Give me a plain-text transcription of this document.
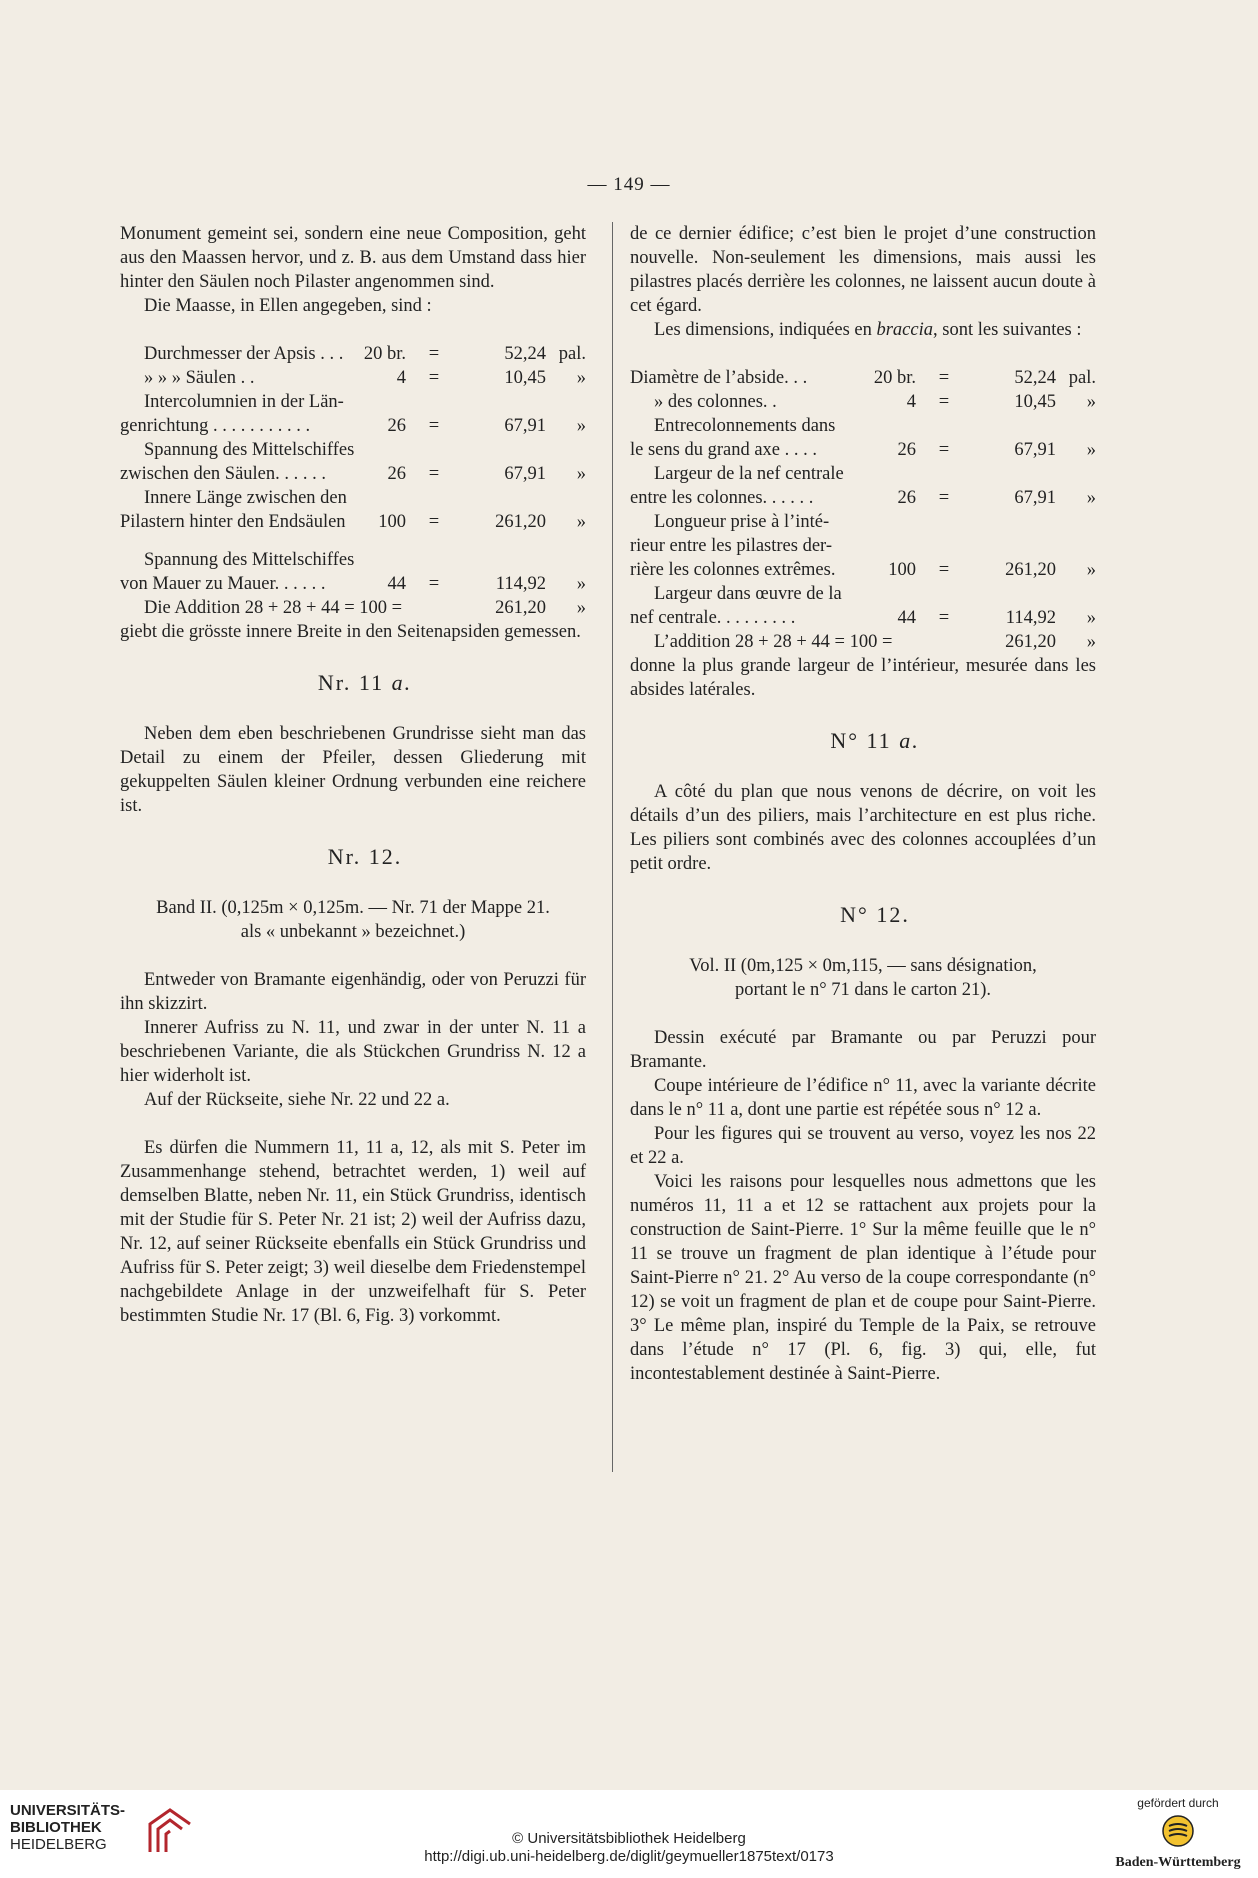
— 149 —

Monument gemeint sei, sondern eine neue Composition, geht aus den Maassen hervor, und z. B. aus dem Umstand dass hier hinter den Säulen noch Pilaster angenommen sind.

Die Maasse, in Ellen angegeben, sind :

Durchmesser der Apsis . . .	20 br.	=	52,24	pal.
» » » Säulen . .	4	=	10,45	»
Intercolumnien in der Län-				
genrichtung . . . . . . . . . . .	26	=	67,91	»
Spannung des Mittelschiffes				
zwischen den Säulen. . . . . .	26	=	67,91	»
Innere Länge zwischen den				
Pilastern hinter den Endsäulen	100	=	261,20	»

Spannung des Mittelschiffes				
von Mauer zu Mauer. . . . . .	44	=	114,92	»
Die Addition 28 + 28 + 44 = 100 =			261,20	»

giebt die grösste innere Breite in den Seitenapsiden gemessen.

Nr. 11 a.

Neben dem eben beschriebenen Grundrisse sieht man das Detail zu einem der Pfeiler, dessen Gliederung mit gekuppelten Säulen kleiner Ordnung verbunden eine reichere ist.

Nr. 12.

Band II. (0,125m × 0,125m. — Nr. 71 der Mappe 21.

als « unbekannt » bezeichnet.)

Entweder von Bramante eigenhändig, oder von Peruzzi für ihn skizzirt.

Innerer Aufriss zu N. 11, und zwar in der unter N. 11 a beschriebenen Variante, die als Stückchen Grundriss N. 12 a hier widerholt ist.

Auf der Rückseite, siehe Nr. 22 und 22 a.

Es dürfen die Nummern 11, 11 a, 12, als mit S. Peter im Zusammenhange stehend, betrachtet werden, 1) weil auf demselben Blatte, neben Nr. 11, ein Stück Grundriss, identisch mit der Studie für S. Peter Nr. 21 ist; 2) weil der Aufriss dazu, Nr. 12, auf seiner Rückseite ebenfalls ein Stück Grundriss und Aufriss für S. Peter zeigt; 3) weil dieselbe dem Friedenstempel nachgebildete Anlage in der unzweifelhaft für S. Peter bestimmten Studie Nr. 17 (Bl. 6, Fig. 3) vorkommt.

de ce dernier édifice; c’est bien le projet d’une construction nouvelle. Non-seulement les dimensions, mais aussi les pilastres placés derrière les colonnes, ne laissent aucun doute à cet égard.

Les dimensions, indiquées en braccia, sont les suivantes :

Diamètre de l’abside. . .	20 br.	=	52,24	pal.
» des colonnes. .	4	=	10,45	»
Entrecolonnements dans				
le sens du grand axe . . . .	26	=	67,91	»
Largeur de la nef centrale				
entre les colonnes. . . . . .	26	=	67,91	»
Longueur prise à l’inté-				
rieur entre les pilastres der-				
rière les colonnes extrêmes.	100	=	261,20	»
Largeur dans œuvre de la				
nef centrale. . . . . . . . .	44	=	114,92	»
L’addition 28 + 28 + 44 = 100 =			261,20	»

donne la plus grande largeur de l’intérieur, mesurée dans les absides latérales.

N° 11 a.

A côté du plan que nous venons de décrire, on voit les détails d’un des piliers, mais l’architecture en est plus riche. Les piliers sont combinés avec des colonnes accouplées d’un petit ordre.

N° 12.

Vol. II (0m,125 × 0m,115, — sans désignation,

portant le n° 71 dans le carton 21).

Dessin exécuté par Bramante ou par Peruzzi pour Bramante.

Coupe intérieure de l’édifice n° 11, avec la variante décrite dans le n° 11 a, dont une partie est répétée sous n° 12 a.

Pour les figures qui se trouvent au verso, voyez les nos 22 et 22 a.

Voici les raisons pour lesquelles nous admettons que les numéros 11, 11 a et 12 se rattachent aux projets pour la construction de Saint-Pierre. 1° Sur la même feuille que le n° 11 se trouve un fragment de plan identique à l’étude pour Saint-Pierre n° 21. 2° Au verso de la coupe correspondante (n° 12) se voit un fragment de plan et de coupe pour Saint-Pierre. 3° Le même plan, inspiré du Temple de la Paix, se retrouve dans l’étude n° 17 (Pl. 6, fig. 3) qui, elle, fut incontestablement destinée à Saint-Pierre.

UNIVERSITÄTS-
BIBLIOTHEK
HEIDELBERG	© Universitätsbibliothek Heidelberg
http://digi.ub.uni-heidelberg.de/diglit/geymueller1875text/0173
gefördert durch
Baden-Württemberg
